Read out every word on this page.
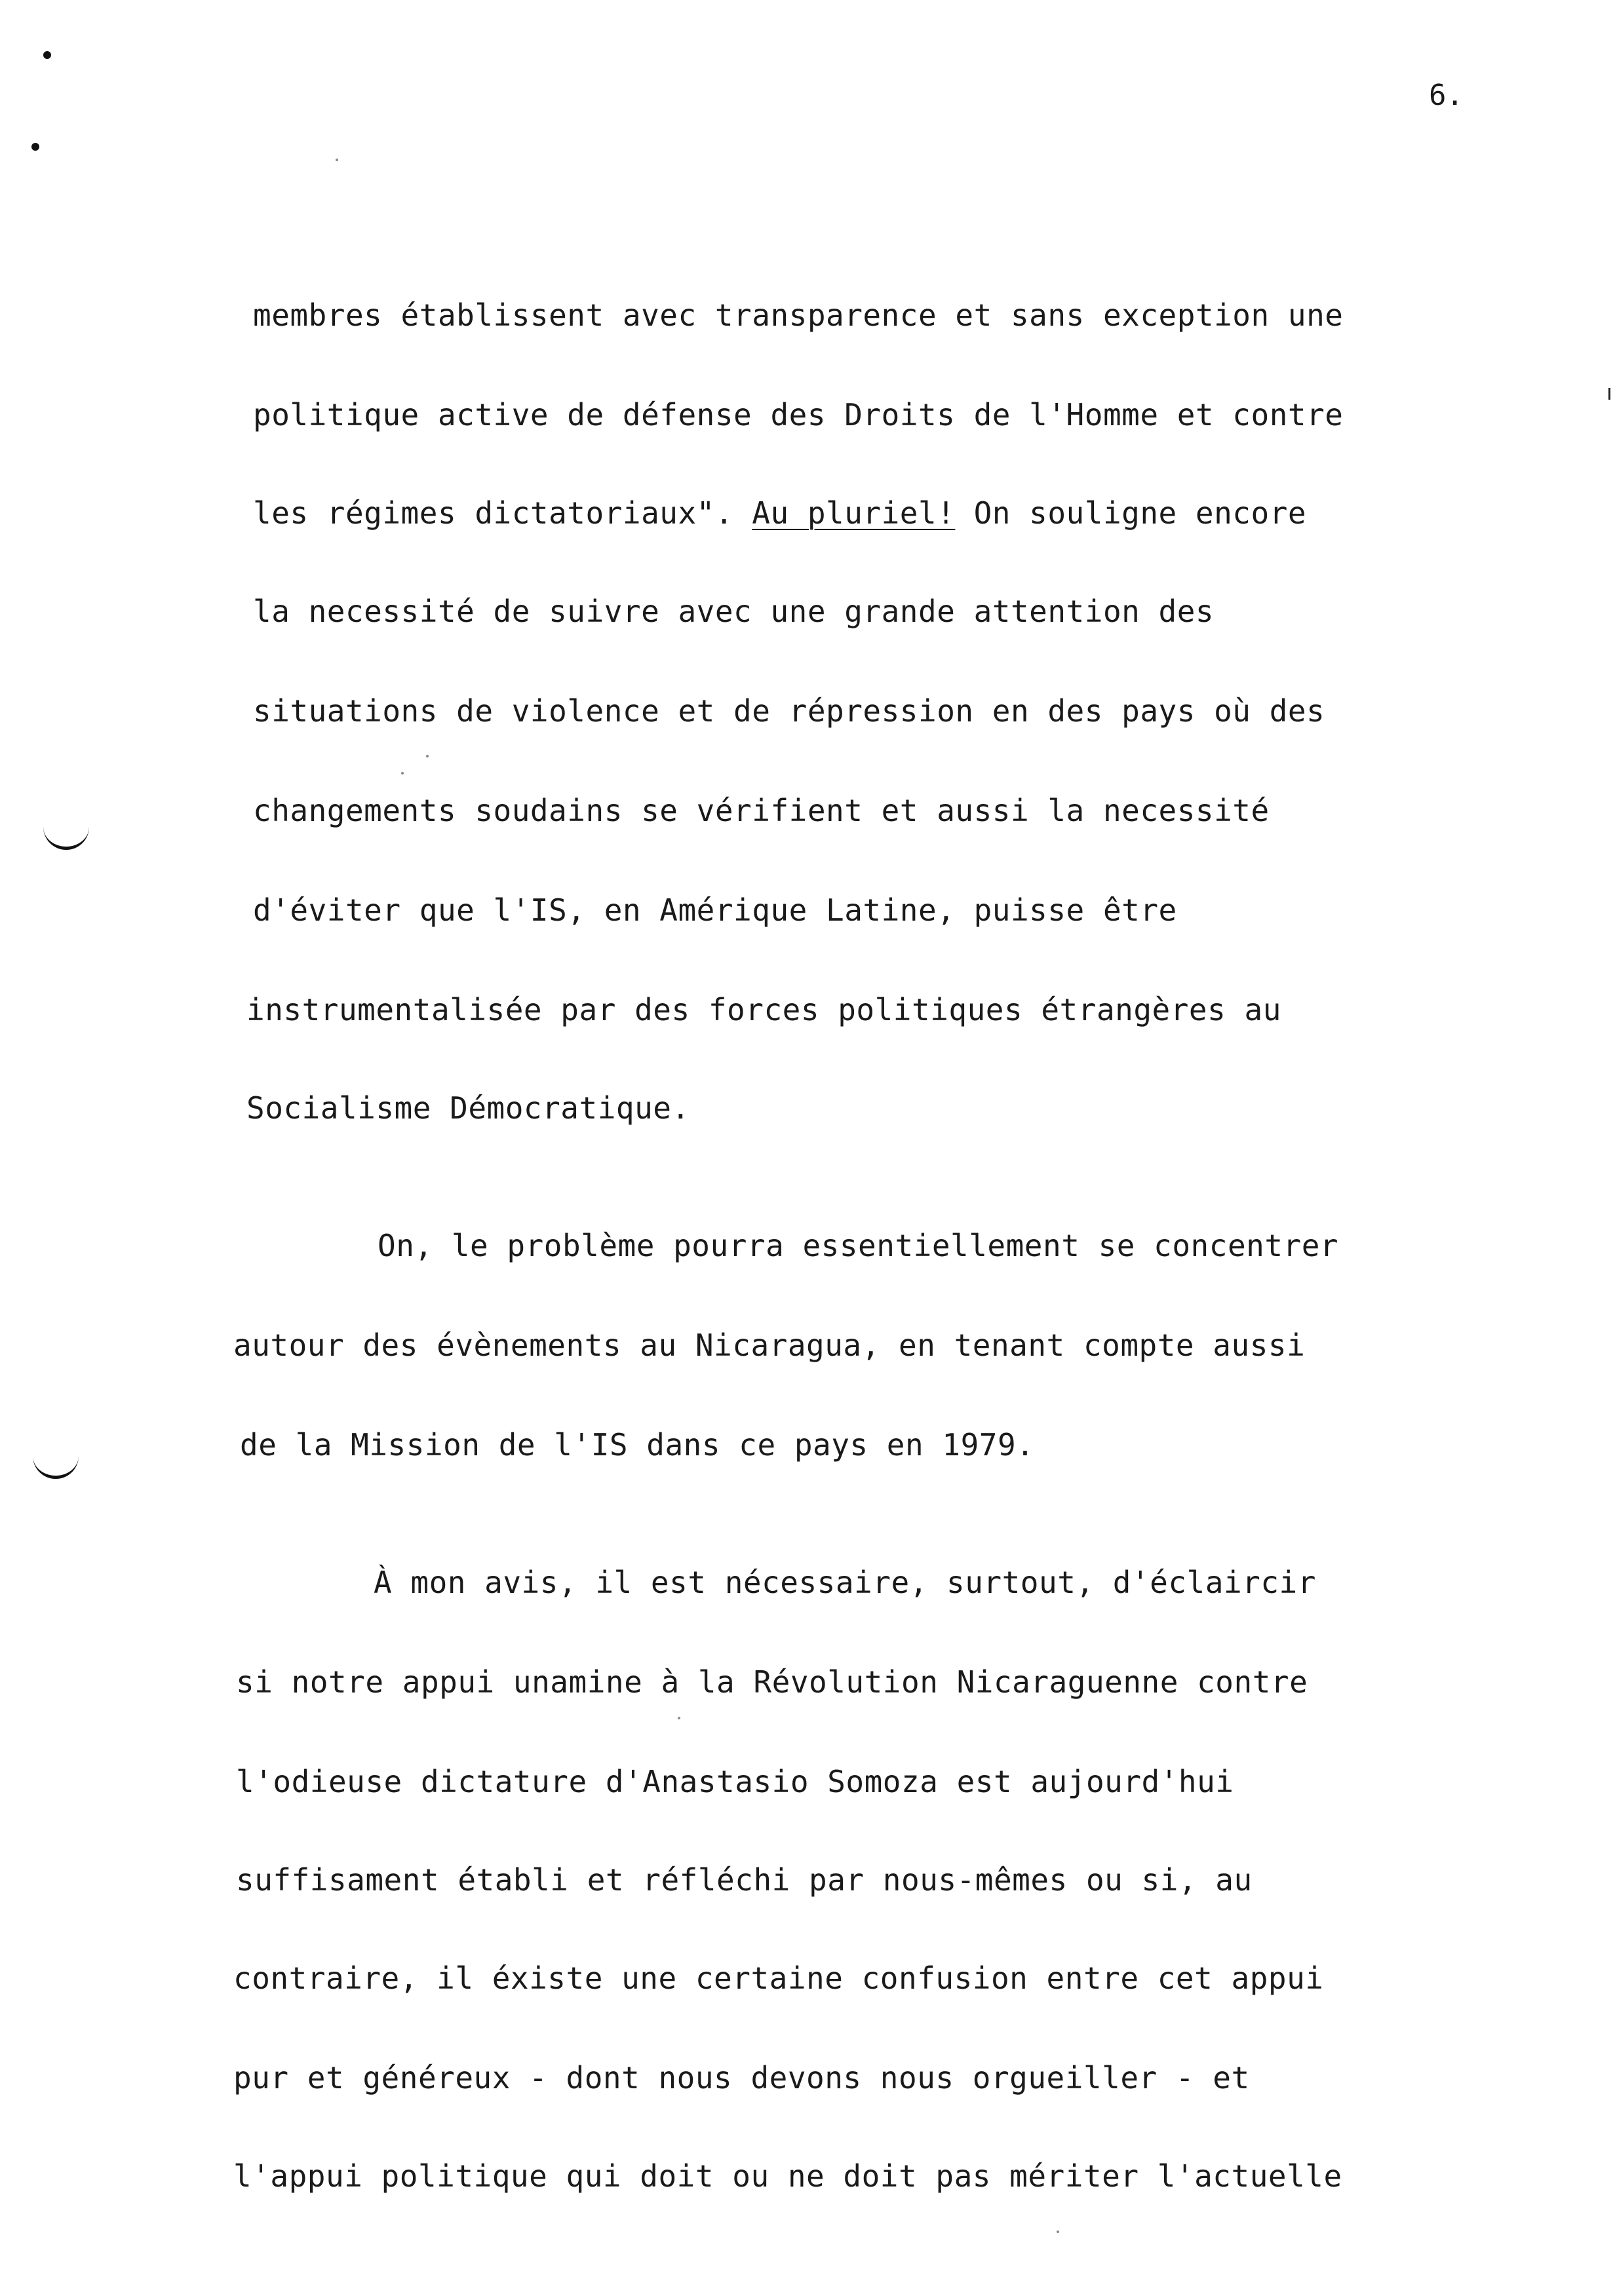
6.
membres établissent avec transparence et sans exception une
politique active de défense des Droits de l'Homme et contre
les régimes dictatoriaux". Au pluriel! On souligne encore
la necessité de suivre avec une grande attention des
situations de violence et de répression en des pays où des
changements soudains se vérifient et aussi la necessité
d'éviter que l'IS, en Amérique Latine, puisse être
instrumentalisée par des forces politiques étrangères au
Socialisme Démocratique.
On, le problème pourra essentiellement se concentrer
autour des évènements au Nicaragua, en tenant compte aussi
de la Mission de l'IS dans ce pays en 1979.
À mon avis, il est nécessaire, surtout, d'éclaircir
si notre appui unamine à la Révolution Nicaraguenne contre
l'odieuse dictature d'Anastasio Somoza est aujourd'hui
suffisament établi et réfléchi par nous-mêmes ou si, au
contraire, il éxiste une certaine confusion entre cet appui
pur et généreux - dont nous devons nous orgueiller - et
l'appui politique qui doit ou ne doit pas mériter l'actuelle
